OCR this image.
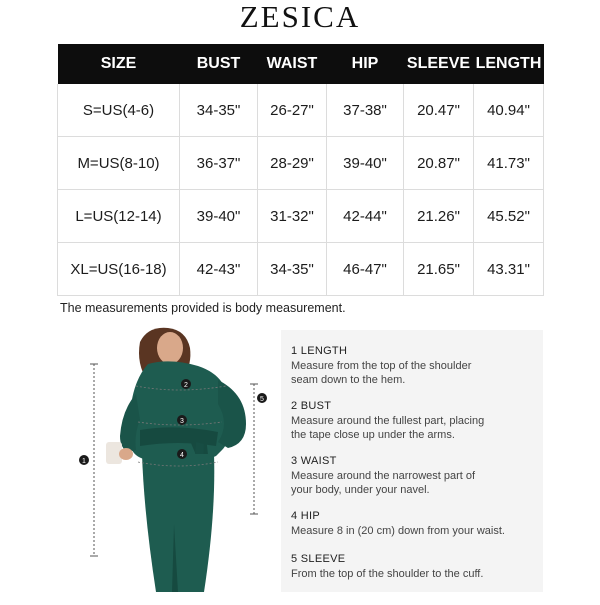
ZESICA
SIZE	BUST	WAIST	HIP	SLEEVE	LENGTH
S=US(4-6)	34-35"	26-27"	37-38"	20.47"	40.94"
M=US(8-10)	36-37"	28-29"	39-40"	20.87"	41.73"
L=US(12-14)	39-40"	31-32"	42-44"	21.26"	45.52"
XL=US(16-18)	42-43"	34-35"	46-47"	21.65"	43.31"
The measurements provided is body measurement.
1
2
3
4
5
1 LENGTH
Measure from the top of the shoulder
seam down to the hem.
2 BUST
Measure around the fullest part, placing
the tape close up under the arms.
3 WAIST
Measure around the narrowest part of
your body, under your navel.
4 HIP
Measure 8 in (20 cm) down from your waist.
5 SLEEVE
From the top of the shoulder to the cuff.
